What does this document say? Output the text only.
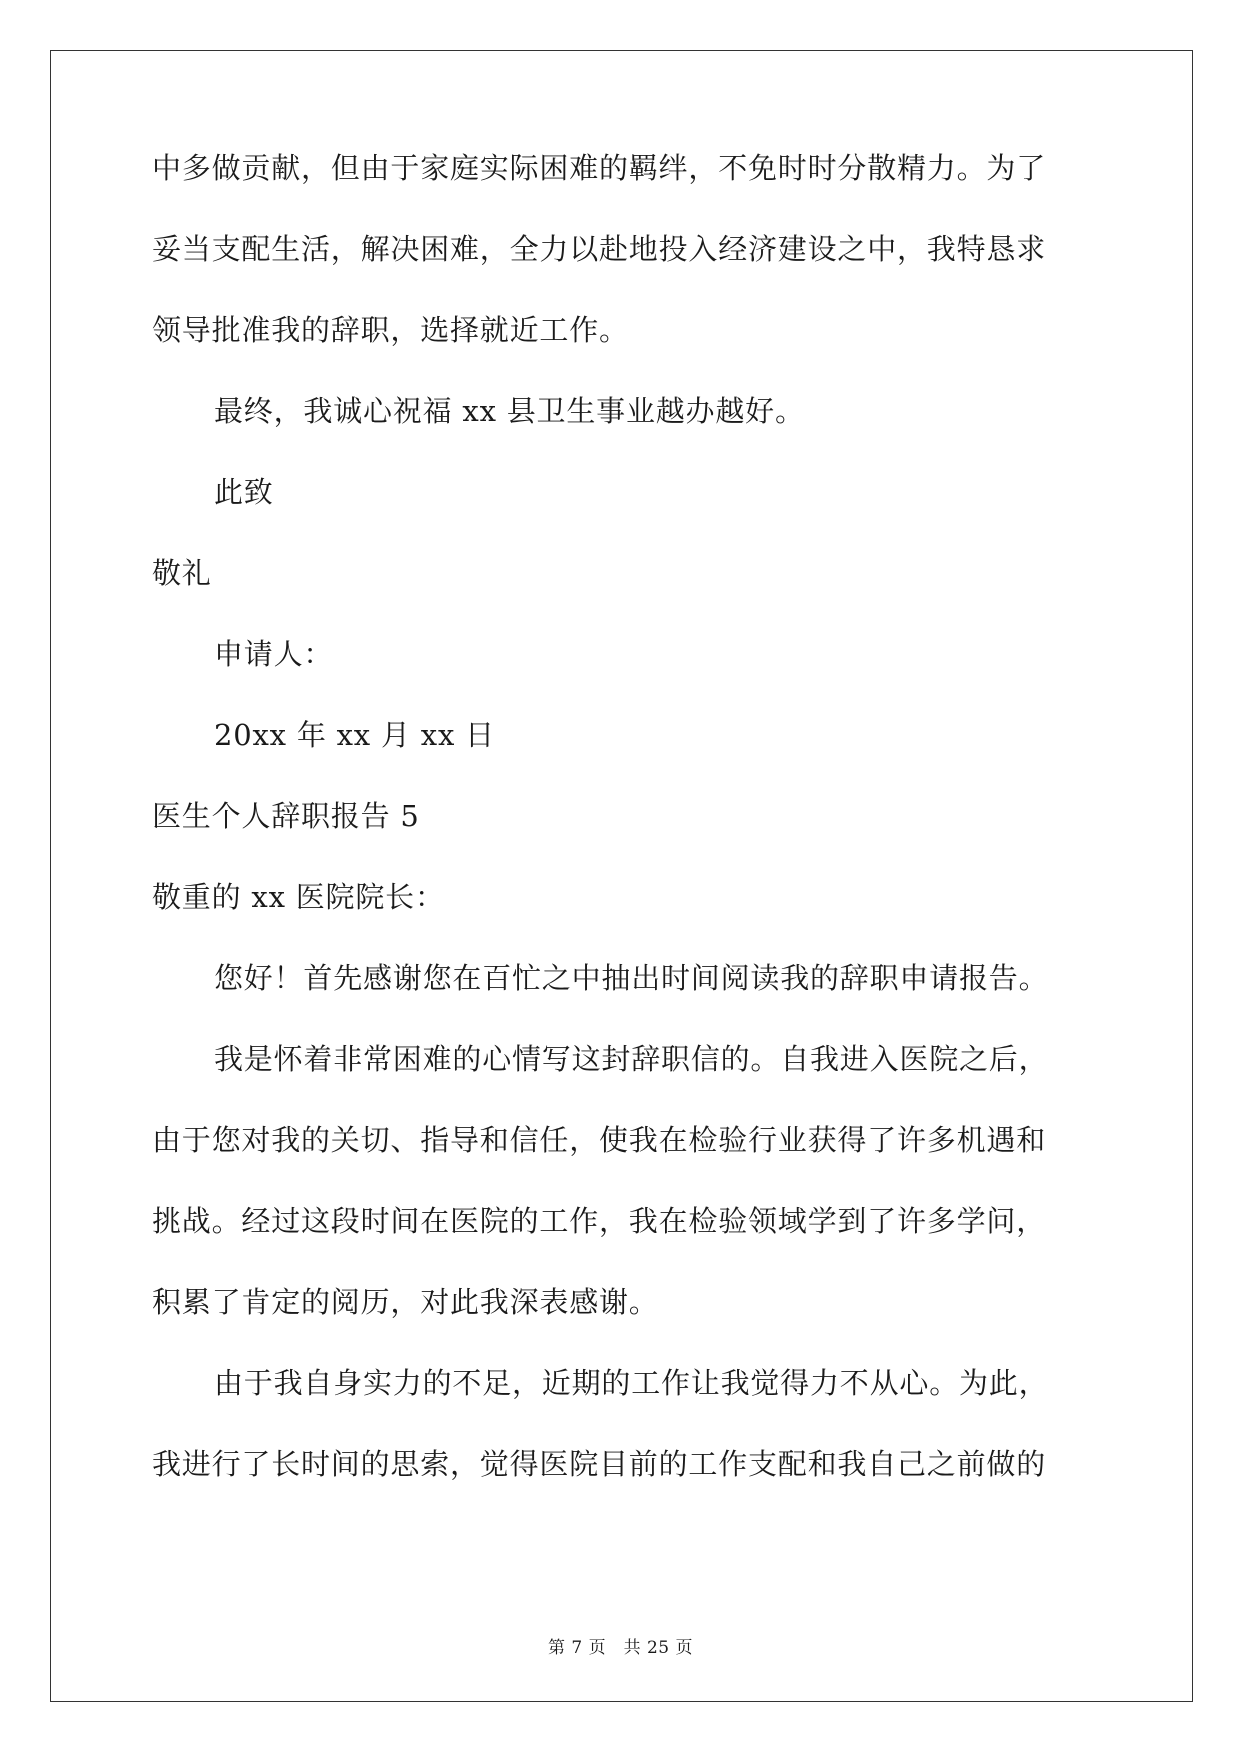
中多做贡献，但由于家庭实际困难的羁绊，不免时时分散精力。为了
妥当支配生活，解决困难，全力以赴地投入经济建设之中，我特恳求
领导批准我的辞职，选择就近工作。
最终，我诚心祝福 xx 县卫生事业越办越好。
此致
敬礼
申请人：
20xx 年 xx 月 xx 日
医生个人辞职报告 5
敬重的 xx 医院院长：
您好！首先感谢您在百忙之中抽出时间阅读我的辞职申请报告。
我是怀着非常困难的心情写这封辞职信的。自我进入医院之后，
由于您对我的关切、指导和信任，使我在检验行业获得了许多机遇和
挑战。经过这段时间在医院的工作，我在检验领域学到了许多学问，
积累了肯定的阅历，对此我深表感谢。
由于我自身实力的不足，近期的工作让我觉得力不从心。为此，
我进行了长时间的思索，觉得医院目前的工作支配和我自己之前做的
第 7 页　共 25 页
